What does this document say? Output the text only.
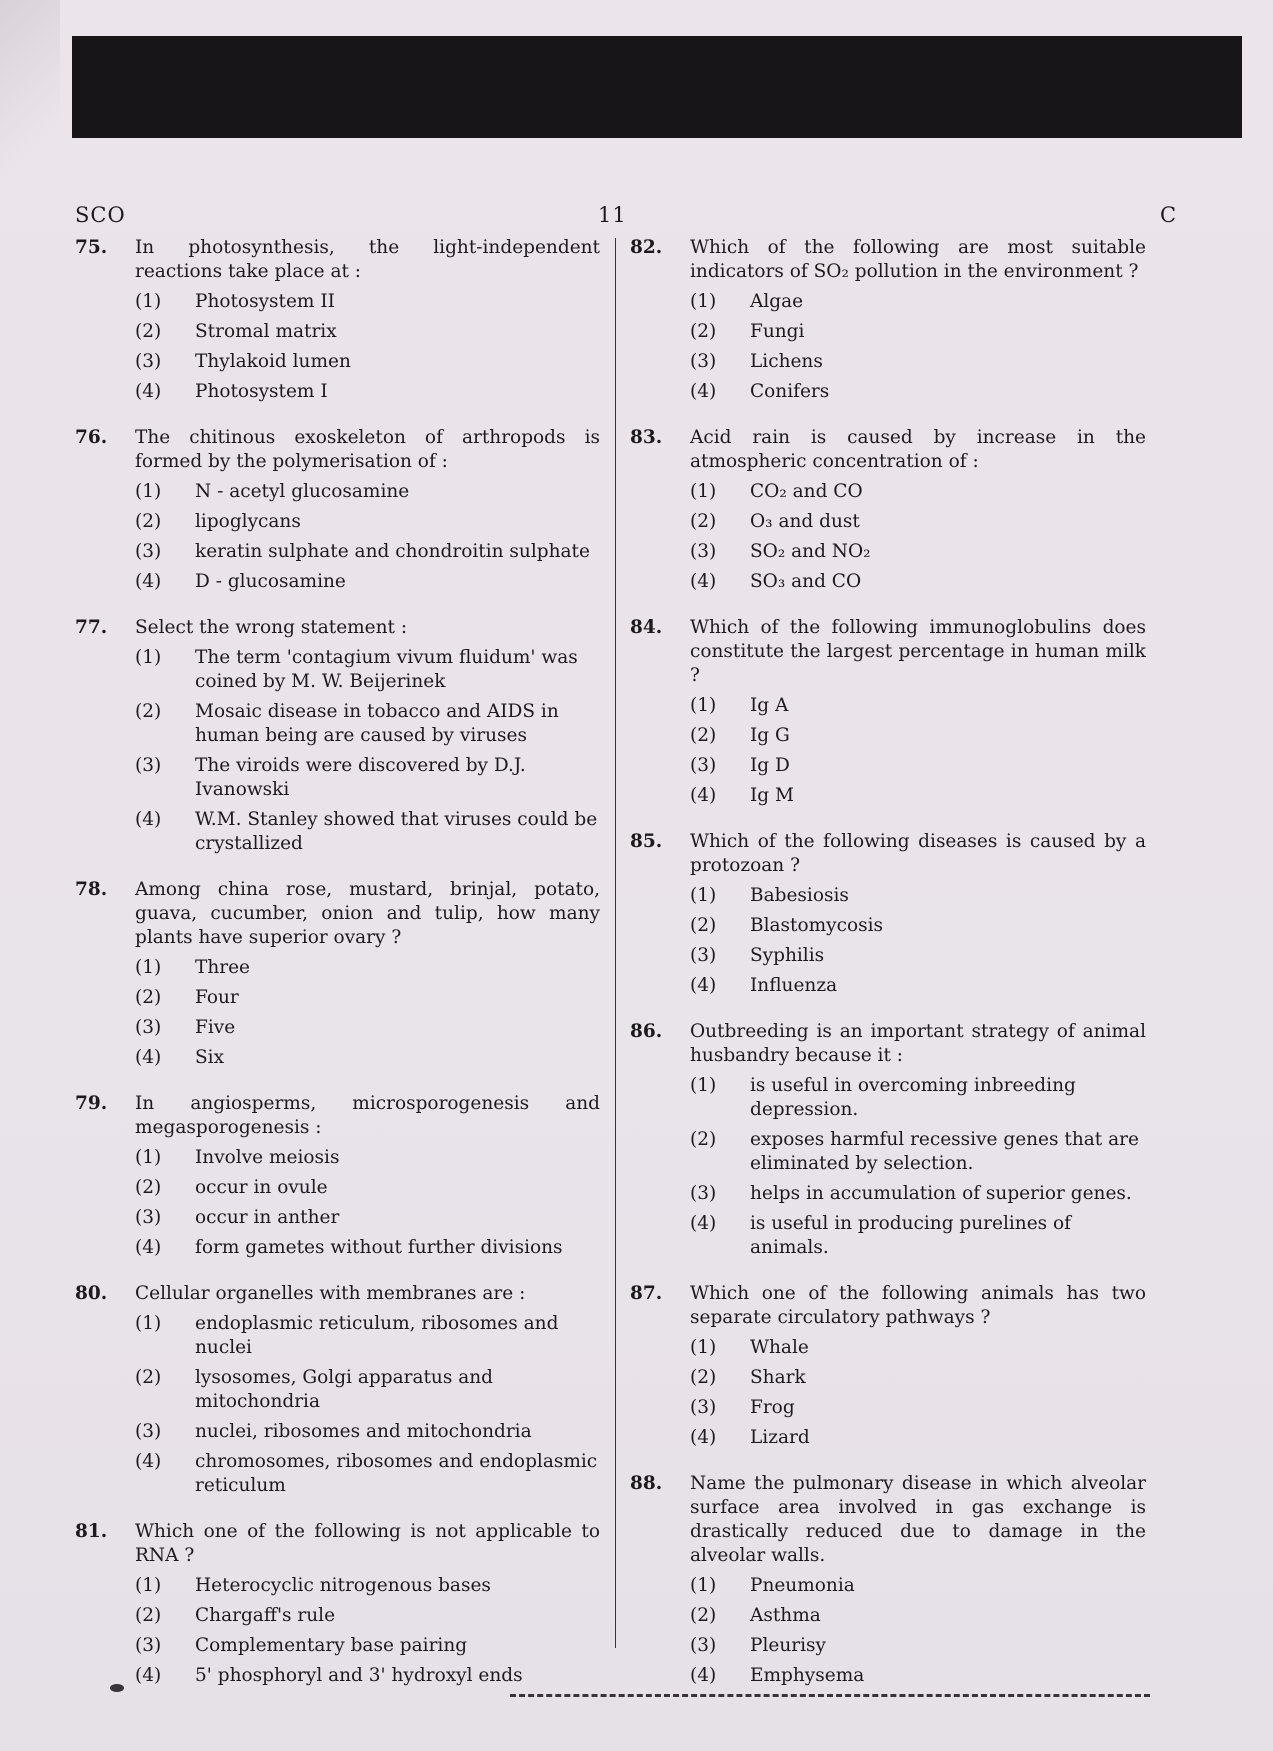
SCO	11	C
75. In photosynthesis, the light-independent reactions take place at :
(1) Photosystem II
(2) Stromal matrix
(3) Thylakoid lumen
(4) Photosystem I
76. The chitinous exoskeleton of arthropods is formed by the polymerisation of :
(1) N - acetyl glucosamine
(2) lipoglycans
(3) keratin sulphate and chondroitin sulphate
(4) D - glucosamine
77. Select the wrong statement :
(1) The term 'contagium vivum fluidum' was coined by M. W. Beijerinek
(2) Mosaic disease in tobacco and AIDS in human being are caused by viruses
(3) The viroids were discovered by D.J. Ivanowski
(4) W.M. Stanley showed that viruses could be crystallized
78. Among china rose, mustard, brinjal, potato, guava, cucumber, onion and tulip, how many plants have superior ovary ?
(1) Three
(2) Four
(3) Five
(4) Six
79. In angiosperms, microsporogenesis and megasporogenesis :
(1) Involve meiosis
(2) occur in ovule
(3) occur in anther
(4) form gametes without further divisions
80. Cellular organelles with membranes are :
(1) endoplasmic reticulum, ribosomes and nuclei
(2) lysosomes, Golgi apparatus and mitochondria
(3) nuclei, ribosomes and mitochondria
(4) chromosomes, ribosomes and endoplasmic reticulum
81. Which one of the following is not applicable to RNA ?
(1) Heterocyclic nitrogenous bases
(2) Chargaff's rule
(3) Complementary base pairing
(4) 5' phosphoryl and 3' hydroxyl ends
82. Which of the following are most suitable indicators of SO₂ pollution in the environment ?
(1) Algae
(2) Fungi
(3) Lichens
(4) Conifers
83. Acid rain is caused by increase in the atmospheric concentration of :
(1) CO₂ and CO
(2) O₃ and dust
(3) SO₂ and NO₂
(4) SO₃ and CO
84. Which of the following immunoglobulins does constitute the largest percentage in human milk ?
(1) Ig A
(2) Ig G
(3) Ig D
(4) Ig M
85. Which of the following diseases is caused by a protozoan ?
(1) Babesiosis
(2) Blastomycosis
(3) Syphilis
(4) Influenza
86. Outbreeding is an important strategy of animal husbandry because it :
(1) is useful in overcoming inbreeding depression.
(2) exposes harmful recessive genes that are eliminated by selection.
(3) helps in accumulation of superior genes.
(4) is useful in producing purelines of animals.
87. Which one of the following animals has two separate circulatory pathways ?
(1) Whale
(2) Shark
(3) Frog
(4) Lizard
88. Name the pulmonary disease in which alveolar surface area involved in gas exchange is drastically reduced due to damage in the alveolar walls.
(1) Pneumonia
(2) Asthma
(3) Pleurisy
(4) Emphysema
